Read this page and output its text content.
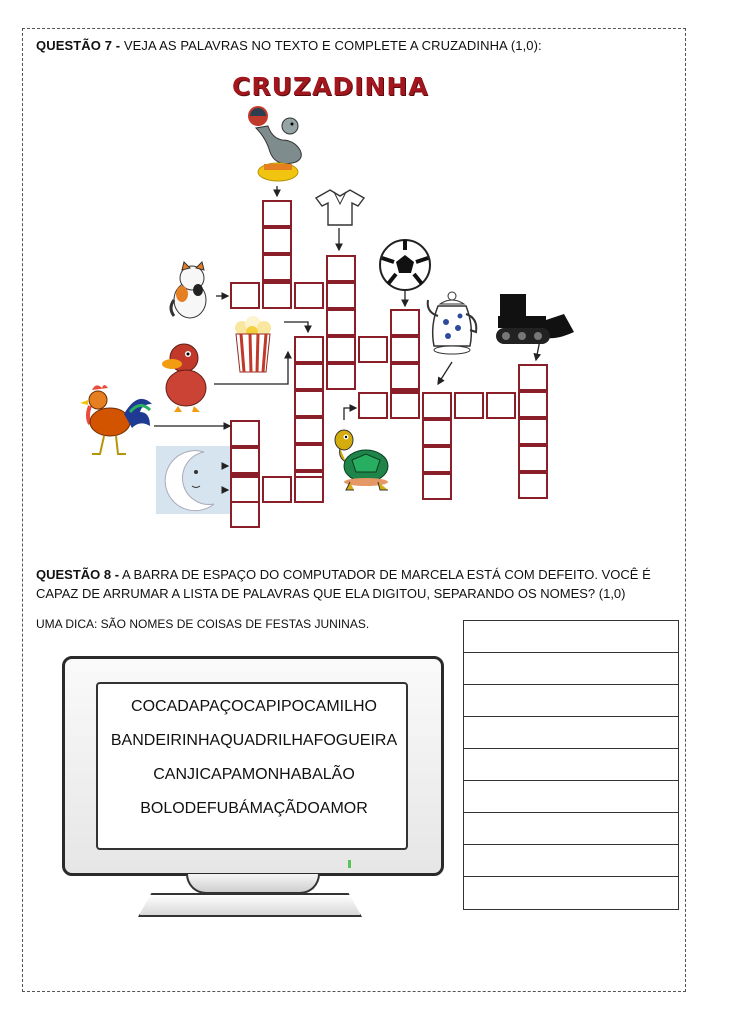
QUESTÃO 7 - VEJA AS PALAVRAS NO TEXTO E COMPLETE A CRUZADINHA (1,0):
CRUZADINHA
QUESTÃO 8 - A BARRA DE ESPAÇO DO COMPUTADOR DE MARCELA ESTÁ COM DEFEITO. VOCÊ É CAPAZ DE ARRUMAR A LISTA DE PALAVRAS QUE ELA DIGITOU, SEPARANDO OS NOMES? (1,0)
UMA DICA: SÃO NOMES DE COISAS DE FESTAS JUNINAS.
COCADAPAÇOCAPIPOCAMILHO
BANDEIRINHAQUADRILHAFOGUEIRA
CANJICAPAMONHABALÃO
BOLODEFUBÁMAÇÃDOAMOR
